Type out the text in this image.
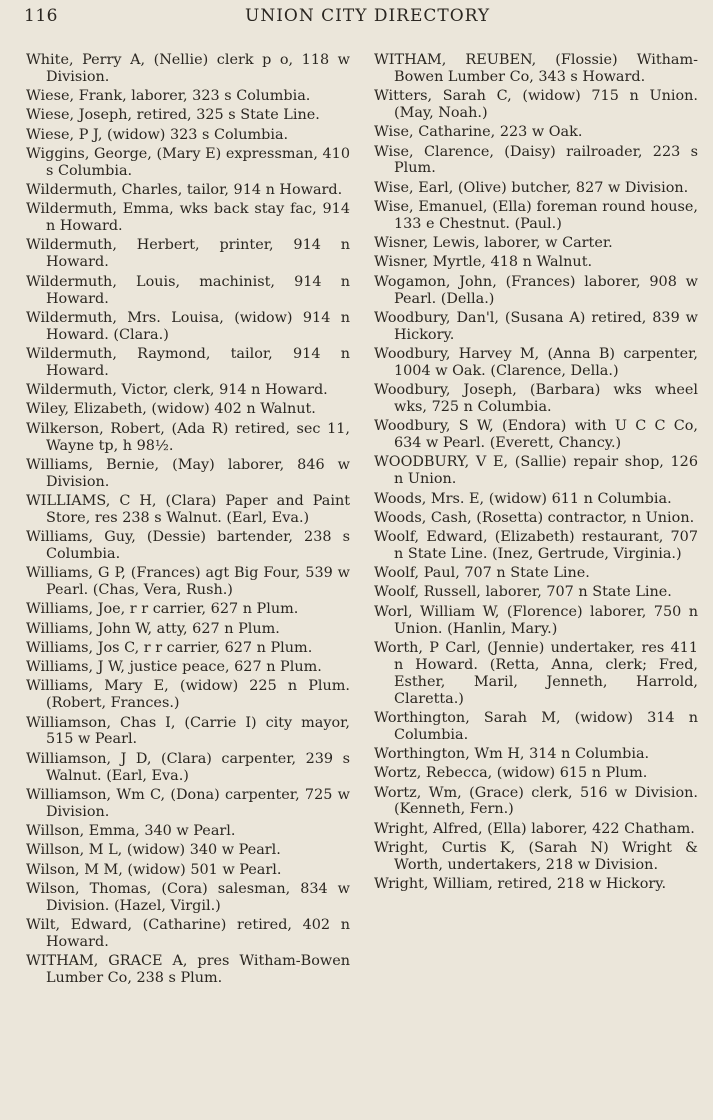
116	UNION CITY DIRECTORY

White, Perry A, (Nellie) clerk p o, 118 w Division.

Wiese, Frank, laborer, 323 s Columbia.

Wiese, Joseph, retired, 325 s State Line.

Wiese, P J, (widow) 323 s Columbia.

Wiggins, George, (Mary E) expressman, 410 s Columbia.

Wildermuth, Charles, tailor, 914 n Howard.

Wildermuth, Emma, wks back stay fac, 914 n Howard.

Wildermuth, Herbert, printer, 914 n Howard.

Wildermuth, Louis, machinist, 914 n Howard.

Wildermuth, Mrs. Louisa, (widow) 914 n Howard. (Clara.)

Wildermuth, Raymond, tailor, 914 n Howard.

Wildermuth, Victor, clerk, 914 n Howard.

Wiley, Elizabeth, (widow) 402 n Walnut.

Wilkerson, Robert, (Ada R) retired, sec 11, Wayne tp, h 98½.

Williams, Bernie, (May) laborer, 846 w Division.

WILLIAMS, C H, (Clara) Paper and Paint Store, res 238 s Walnut. (Earl, Eva.)

Williams, Guy, (Dessie) bartender, 238 s Columbia.

Williams, G P, (Frances) agt Big Four, 539 w Pearl. (Chas, Vera, Rush.)

Williams, Joe, r r carrier, 627 n Plum.

Williams, John W, atty, 627 n Plum.

Williams, Jos C, r r carrier, 627 n Plum.

Williams, J W, justice peace, 627 n Plum.

Williams, Mary E, (widow) 225 n Plum. (Robert, Frances.)

Williamson, Chas I, (Carrie I) city mayor, 515 w Pearl.

Williamson, J D, (Clara) carpenter, 239 s Walnut. (Earl, Eva.)

Williamson, Wm C, (Dona) carpenter, 725 w Division.

Willson, Emma, 340 w Pearl.

Willson, M L, (widow) 340 w Pearl.

Wilson, M M, (widow) 501 w Pearl.

Wilson, Thomas, (Cora) salesman, 834 w Division. (Hazel, Virgil.)

Wilt, Edward, (Catharine) retired, 402 n Howard.

WITHAM, GRACE A, pres Witham-Bowen Lumber Co, 238 s Plum.

WITHAM, REUBEN, (Flossie) Witham-Bowen Lumber Co, 343 s Howard.

Witters, Sarah C, (widow) 715 n Union. (May, Noah.)

Wise, Catharine, 223 w Oak.

Wise, Clarence, (Daisy) railroader, 223 s Plum.

Wise, Earl, (Olive) butcher, 827 w Division.

Wise, Emanuel, (Ella) foreman round house, 133 e Chestnut. (Paul.)

Wisner, Lewis, laborer, w Carter.

Wisner, Myrtle, 418 n Walnut.

Wogamon, John, (Frances) laborer, 908 w Pearl. (Della.)

Woodbury, Dan'l, (Susana A) retired, 839 w Hickory.

Woodbury, Harvey M, (Anna B) carpenter, 1004 w Oak. (Clarence, Della.)

Woodbury, Joseph, (Barbara) wks wheel wks, 725 n Columbia.

Woodbury, S W, (Endora) with U C C Co, 634 w Pearl. (Everett, Chancy.)

WOODBURY, V E, (Sallie) repair shop, 126 n Union.

Woods, Mrs. E, (widow) 611 n Columbia.

Woods, Cash, (Rosetta) contractor, n Union.

Woolf, Edward, (Elizabeth) restaurant, 707 n State Line. (Inez, Gertrude, Virginia.)

Woolf, Paul, 707 n State Line.

Woolf, Russell, laborer, 707 n State Line.

Worl, William W, (Florence) laborer, 750 n Union. (Hanlin, Mary.)

Worth, P Carl, (Jennie) undertaker, res 411 n Howard. (Retta, Anna, clerk; Fred, Esther, Maril, Jenneth, Harrold, Claretta.)

Worthington, Sarah M, (widow) 314 n Columbia.

Worthington, Wm H, 314 n Columbia.

Wortz, Rebecca, (widow) 615 n Plum.

Wortz, Wm, (Grace) clerk, 516 w Division. (Kenneth, Fern.)

Wright, Alfred, (Ella) laborer, 422 Chatham.

Wright, Curtis K, (Sarah N) Wright & Worth, undertakers, 218 w Division.

Wright, William, retired, 218 w Hickory.
